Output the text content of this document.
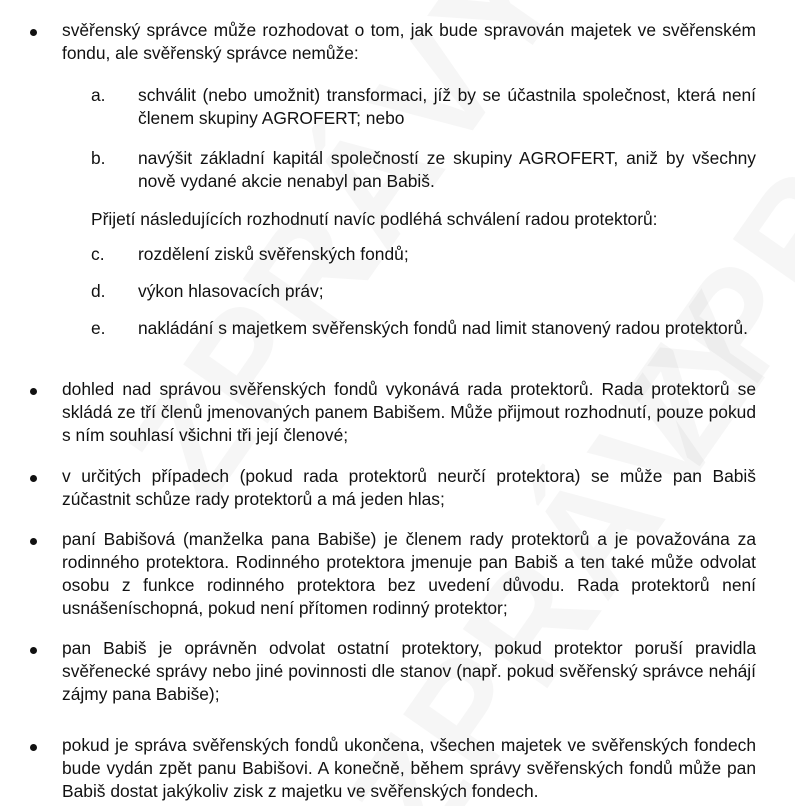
svěřenský správce může rozhodovat o tom, jak bude spravován majetek ve svěřenském fondu, ale svěřenský správce nemůže:
a. schválit (nebo umožnit) transformaci, jíž by se účastnila společnost, která není členem skupiny AGROFERT; nebo
b. navýšit základní kapitál společností ze skupiny AGROFERT, aniž by všechny nově vydané akcie nenabyl pan Babiš.
Přijetí následujících rozhodnutí navíc podléhá schválení radou protektorů:
c. rozdělení zisků svěřenských fondů;
d. výkon hlasovacích práv;
e. nakládání s majetkem svěřenských fondů nad limit stanovený radou protektorů.
dohled nad správou svěřenských fondů vykonává rada protektorů. Rada protektorů se skládá ze tří členů jmenovaných panem Babišem. Může přijmout rozhodnutí, pouze pokud s ním souhlasí všichni tři její členové;
v určitých případech (pokud rada protektorů neurčí protektora) se může pan Babiš zúčastnit schůze rady protektorů a má jeden hlas;
paní Babišová (manželka pana Babiše) je členem rady protektorů a je považována za rodinného protektora. Rodinného protektora jmenuje pan Babiš a ten také může odvolat osobu z funkce rodinného protektora bez uvedení důvodu. Rada protektorů není usnášeníschopná, pokud není přítomen rodinný protektor;
pan Babiš je oprávněn odvolat ostatní protektory, pokud protektor poruší pravidla svěřenecké správy nebo jiné povinnosti dle stanov (např. pokud svěřenský správce nehájí zájmy pana Babiše);
pokud je správa svěřenských fondů ukončena, všechen majetek ve svěřenských fondech bude vydán zpět panu Babišovi. A konečně, během správy svěřenských fondů může pan Babiš dostat jakýkoliv zisk z majetku ve svěřenských fondech.
